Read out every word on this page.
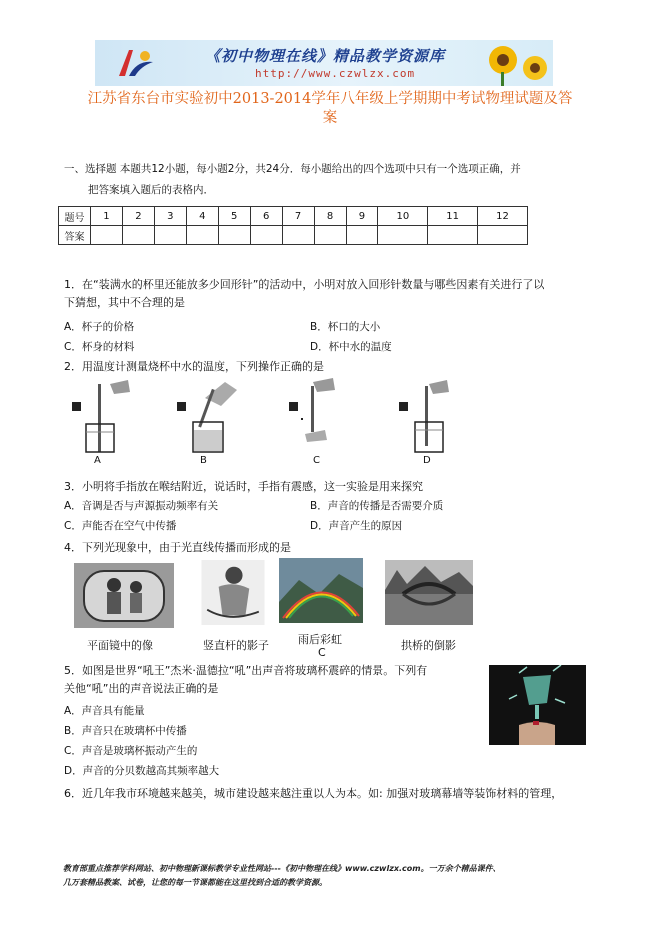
《初中物理在线》精品教学资源库
http://www.czwlzx.com
江苏省东台市实验初中2013-2014学年八年级上学期期中考试物理试题及答
案
一、选择题 本题共12小题，每小题2分，共24分．每小题给出的四个选项中只有一个选项正确，并
把答案填入题后的表格内．
题号	1	2	3	4	5	6	7	8	9	10	11	12
答案												
1．在“装满水的杯里还能放多少回形针”的活动中，小明对放入回形针数量与哪些因素有关进行了以
下猜想，其中不合理的是
A．杯子的价格	B．杯口的大小
C．杯身的材料	D．杯中水的温度
2．用温度计测量烧杯中水的温度，下列操作正确的是
A	B	C	D
3．小明将手指放在喉结附近，说话时，手指有震感，这一实验是用来探究
A．音调是否与声源振动频率有关	B．声音的传播是否需要介质
C．声能否在空气中传播	D．声音产生的原因
4．下列光现象中，由于光直线传播而形成的是
平面镜中的像	竖直杆的影子	雨后彩虹
C
拱桥的倒影
5．如图是世界“吼王”杰米·温德拉“吼”出声音将玻璃杯震碎的情景。下列有
关他“吼”出的声音说法正确的是
A．声音具有能量
B．声音只在玻璃杯中传播
C．声音是玻璃杯振动产生的
D．声音的分贝数越高其频率越大
6．近几年我市环境越来越美，城市建设越来越注重以人为本。如: 加强对玻璃幕墙等装饰材料的管理，
教育部重点推荐学科网站、初中物理新课标教学专业性网站---《初中物理在线》www.czwlzx.com。一万余个精品课件、
几万套精品教案、试卷，让您的每一节课都能在这里找到合适的教学资源。
